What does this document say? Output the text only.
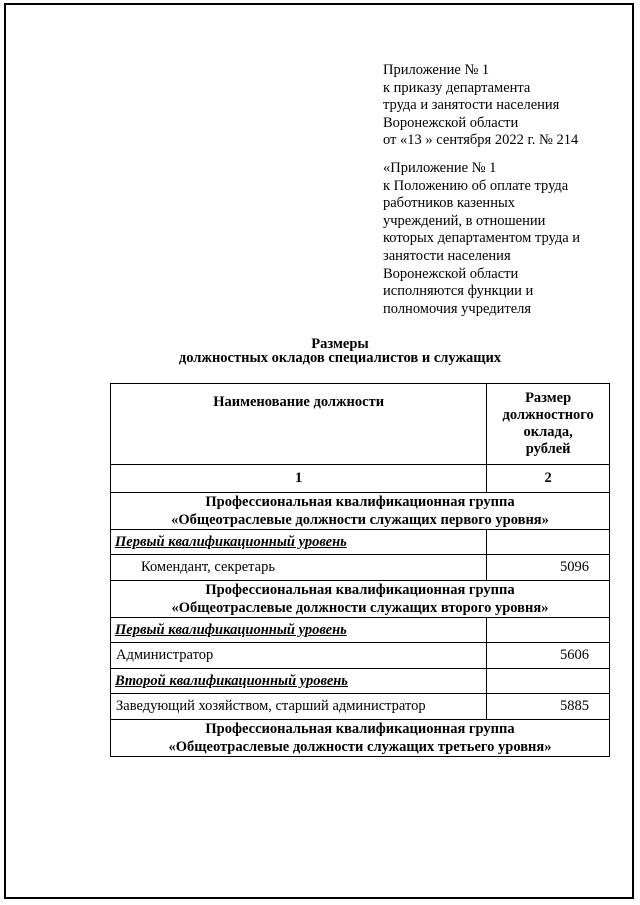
Приложение № 1

к приказу департамента

труда и занятости населения

Воронежской области

от «13 » сентября 2022 г. № 214

«Приложение № 1

к Положению об оплате труда

работников казенных

учреждений, в отношении

которых департаментом труда и

занятости населения

Воронежской области

исполняются функции и

полномочия учредителя

Размеры
должностных окладов специалистов и служащих
Наименование должности	Размер
должностного
оклада,
рублей

1	2

Профессиональная квалификационная группа
«Общеотраслевые должности служащих первого уровня»	

Первый квалификационный уровень	
Комендант, секретарь	5096

Профессиональная квалификационная группа
«Общеотраслевые должности служащих второго уровня»	

Первый квалификационный уровень	
Администратор	5606
Второй квалификационный уровень	
Заведующий хозяйством, старший администратор	5885

Профессиональная квалификационная группа
«Общеотраслевые должности служащих третьего уровня»	
